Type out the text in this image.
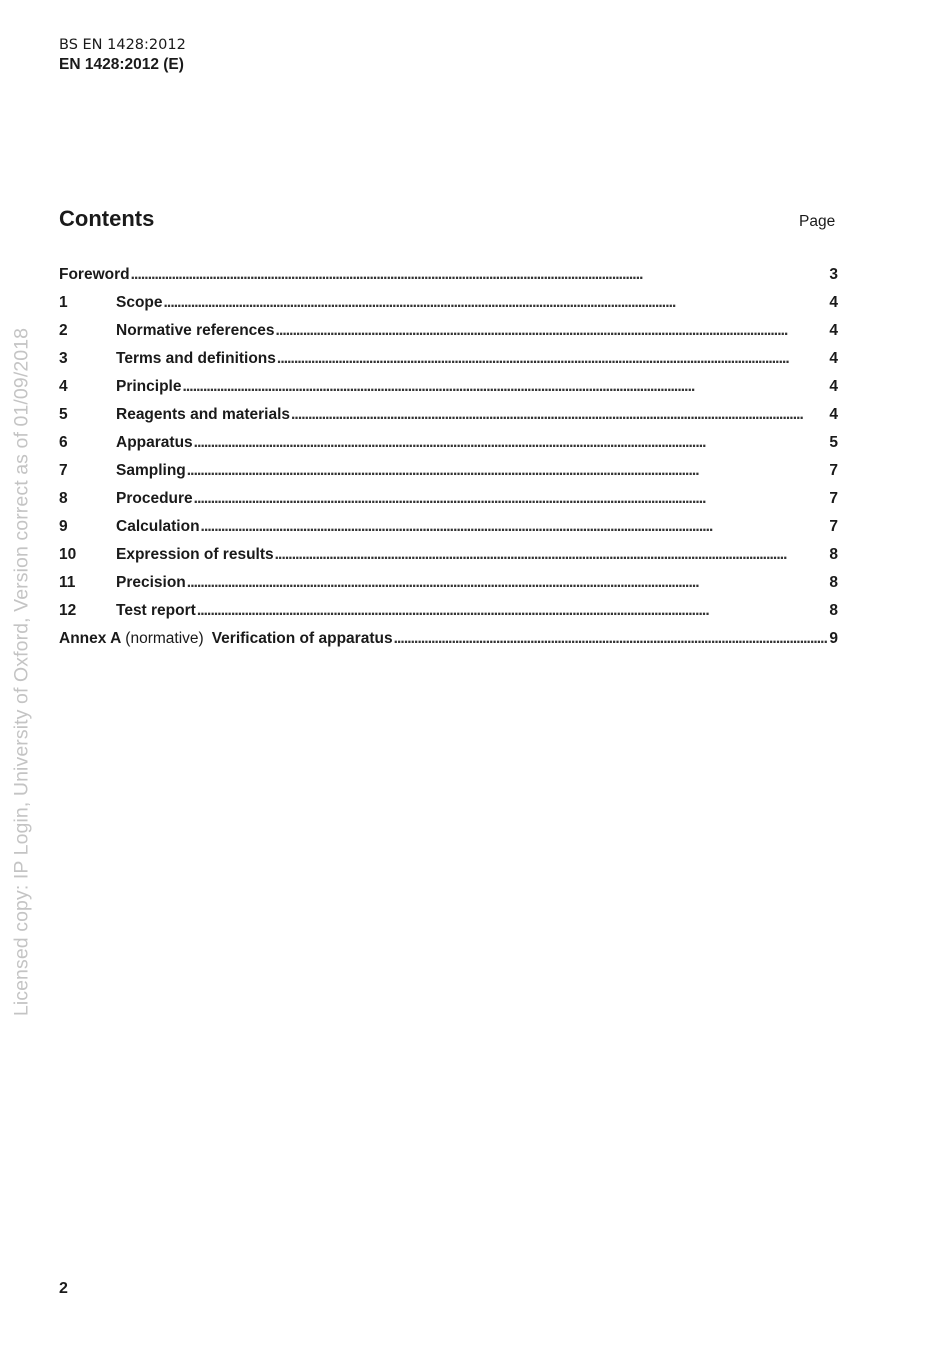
BS EN 1428:2012
EN 1428:2012 (E)
Contents	Page
Foreword . . .	3
1	Scope . . .	4
2	Normative references . . .	4
3	Terms and definitions . . .	4
4	Principle . . .	4
5	Reagents and materials . . .	4
6	Apparatus . . .	5
7	Sampling . . .	7
8	Procedure . . .	7
9	Calculation . . .	7
10	Expression of results . . .	8
11	Precision . . .	8
12	Test report . . .	8
Annex A (normative) Verification of apparatus . . .	9
Licensed copy: IP Login, University of Oxford, Version correct as of 01/09/2018
2
